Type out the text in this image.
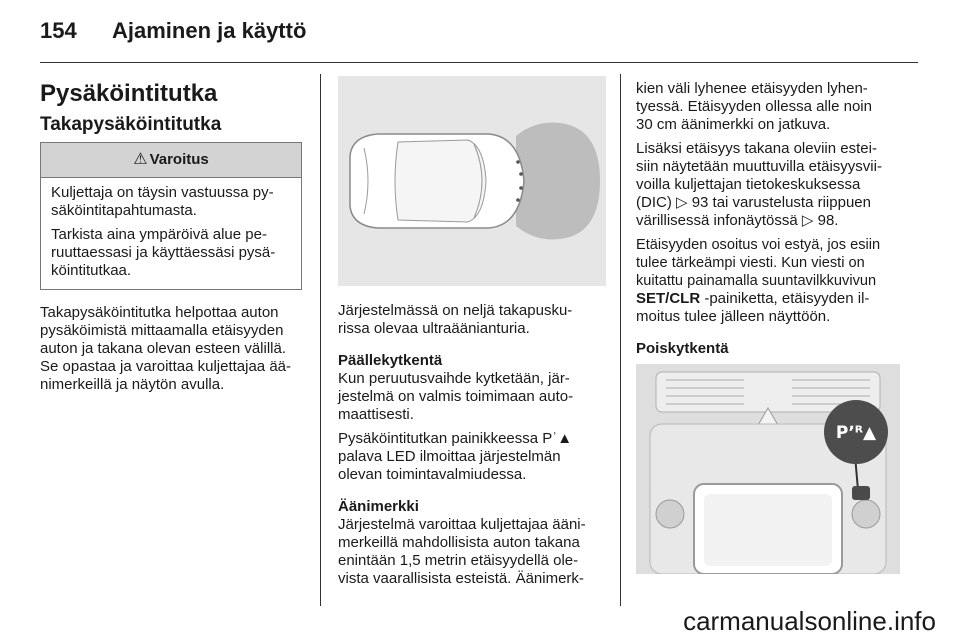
154 Ajaminen ja käyttö
Pysäköintitutka
Takapysäköintitutka
⚠ Varoitus

Kuljettaja on täysin vastuussa py-
säköintitapahtumasta.

Tarkista aina ympäröivä alue pe-
ruuttaessasi ja käyttäessäsi pysä-
köintitutkaa.

Takapysäköintitutka helpottaa auton

pysäköimistä mittaamalla etäisyyden

auton ja takana olevan esteen välillä.

Se opastaa ja varoittaa kuljettajaa ää-

nimerkeillä ja näytön avulla.

Järjestelmässä on neljä takapusku-

rissa olevaa ultraäänianturia.

Päällekytkentä

Kun peruutusvaihde kytketään, jär-

jestelmä on valmis toimimaan auto-

maattisesti.

Pysäköintitutkan painikkeessa Pʾ▲

palava LED ilmoittaa järjestelmän

olevan toimintavalmiudessa.

Äänimerkki

Järjestelmä varoittaa kuljettajaa ääni-

merkeillä mahdollisista auton takana

enintään 1,5 metrin etäisyydellä ole-

vista vaarallisista esteistä. Äänimerk-

kien väli lyhenee etäisyyden lyhen-

tyessä. Etäisyyden ollessa alle noin

30 cm äänimerkki on jatkuva.

Lisäksi etäisyys takana oleviin estei-

siin näytetään muuttuvilla etäisyysvii-

voilla kuljettajan tietokeskuksessa

(DIC) ▷ 93 tai varustelusta riippuen

värillisessä infonäytössä ▷ 98.

Etäisyyden osoitus voi estyä, jos esiin

tulee tärkeämpi viesti. Kun viesti on

kuitattu painamalla suuntavilkkuvivun

SET/CLR -painiketta, etäisyyden il-

moitus tulee jälleen näyttöön.

Poiskytkentä

Pʼᴿ▲
carmanualsonline.info
